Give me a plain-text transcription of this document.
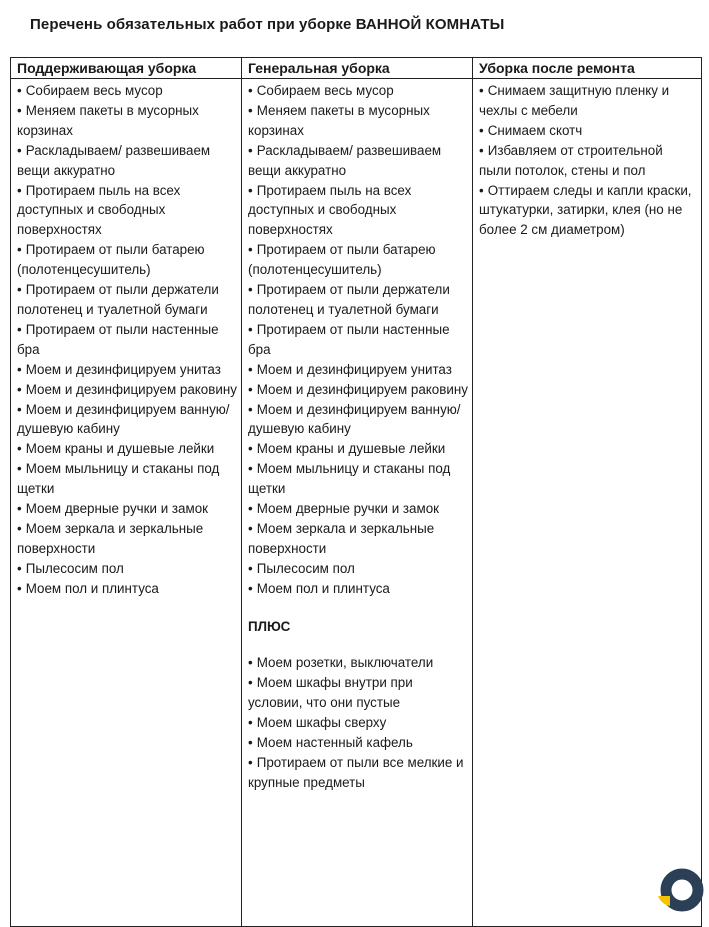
Перечень обязательных работ при уборке ВАННОЙ КОМНАТЫ
Поддерживающая уборка
• Собираем весь мусор
• Меняем пакеты в мусорных корзинах
• Раскладываем/ развешиваем вещи аккуратно
• Протираем пыль на всех доступных и свободных поверхностях
• Протираем от пыли батарею (полотенцесушитель)
• Протираем от пыли держатели полотенец и туалетной бумаги
• Протираем от пыли настенные бра
• Моем и дезинфицируем унитаз
• Моем и дезинфицируем раковину
• Моем и дезинфицируем ванную/ душевую кабину
• Моем краны и душевые лейки
• Моем мыльницу и стаканы под щетки
• Моем дверные ручки и замок
• Моем зеркала и зеркальные поверхности
• Пылесосим пол
• Моем пол и плинтуса
Генеральная уборка
• Собираем весь мусор
• Меняем пакеты в мусорных корзинах
• Раскладываем/ развешиваем вещи аккуратно
• Протираем пыль на всех доступных и свободных поверхностях
• Протираем от пыли батарею (полотенцесушитель)
• Протираем от пыли держатели полотенец и туалетной бумаги
• Протираем от пыли настенные бра
• Моем и дезинфицируем унитаз
• Моем и дезинфицируем раковину
• Моем и дезинфицируем ванную/ душевую кабину
• Моем краны и душевые лейки
• Моем мыльницу и стаканы под щетки
• Моем дверные ручки и замок
• Моем зеркала и зеркальные поверхности
• Пылесосим пол
• Моем пол и плинтуса
ПЛЮС
• Моем розетки, выключатели
• Моем шкафы внутри при условии, что они пустые
• Моем шкафы сверху
• Моем настенный кафель
• Протираем от пыли все мелкие и крупные предметы
Уборка после ремонта
• Снимаем защитную пленку и чехлы с мебели
• Снимаем скотч
• Избавляем от строительной пыли потолок, стены и пол
• Оттираем следы и капли краски, штукатурки, затирки, клея (но не более 2 см диаметром)
